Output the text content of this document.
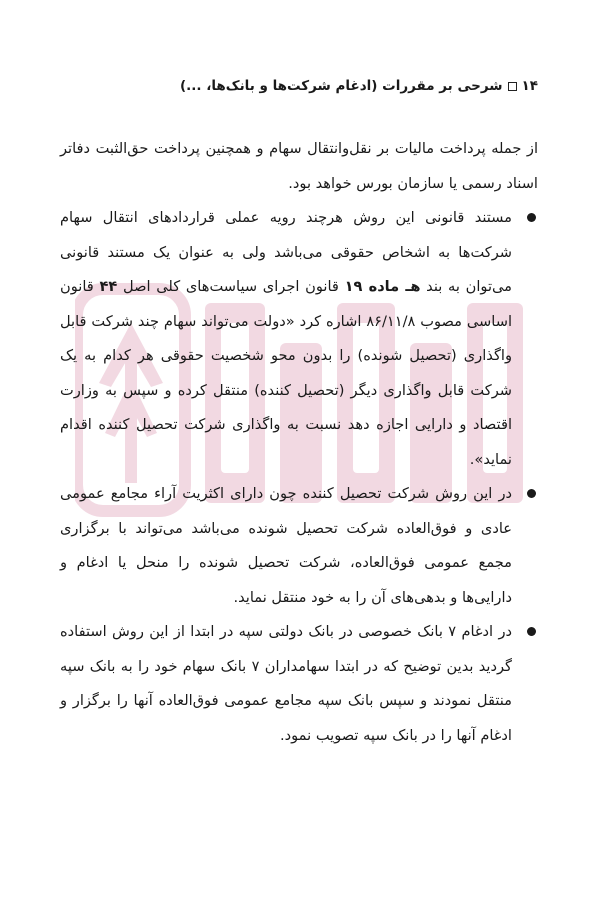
۱۴
شرحی بر مقررات (ادغام شرکت‌ها و بانک‌ها، ...)

از جمله پرداخت مالیات بر نقل‌وانتقال سهام و همچنین پرداخت حق‌الثبت دفاتر اسناد رسمی یا سازمان بورس خواهد بود.

مستند قانونی این روش هرچند رویه عملی قراردادهای انتقال سهام شرکت‌ها به اشخاص حقوقی می‌باشد ولی به عنوان یک مستند قانونی می‌توان به بند هـ ماده ۱۹ قانون اجرای سیاست‌های کلی اصل ۴۴ قانون اساسی مصوب ۸۶/۱۱/۸ اشاره کرد «دولت می‌تواند سهام چند شرکت قابل واگذاری (تحصیل شونده) را بدون محو شخصیت حقوقی هر کدام به یک شرکت قابل واگذاری دیگر (تحصیل کننده) منتقل کرده و سپس به وزارت اقتصاد و دارایی اجازه دهد نسبت به واگذاری شرکت تحصیل کننده اقدام نماید».

در این روش شرکت تحصیل کننده چون دارای اکثریت آراء مجامع عمومی عادی و فوق‌العاده شرکت تحصیل شونده می‌باشد می‌تواند با برگزاری مجمع عمومی فوق‌العاده، شرکت تحصیل شونده را منحل یا ادغام و دارایی‌ها و بدهی‌های آن را به خود منتقل نماید.

در ادغام ۷ بانک خصوصی در بانک دولتی سپه در ابتدا از این روش استفاده گردید بدین توضیح که در ابتدا سهامداران ۷ بانک سهام خود را به بانک سپه منتقل نمودند و سپس بانک سپه مجامع عمومی فوق‌العاده آنها را برگزار و ادغام آنها را در بانک سپه تصویب نمود.
